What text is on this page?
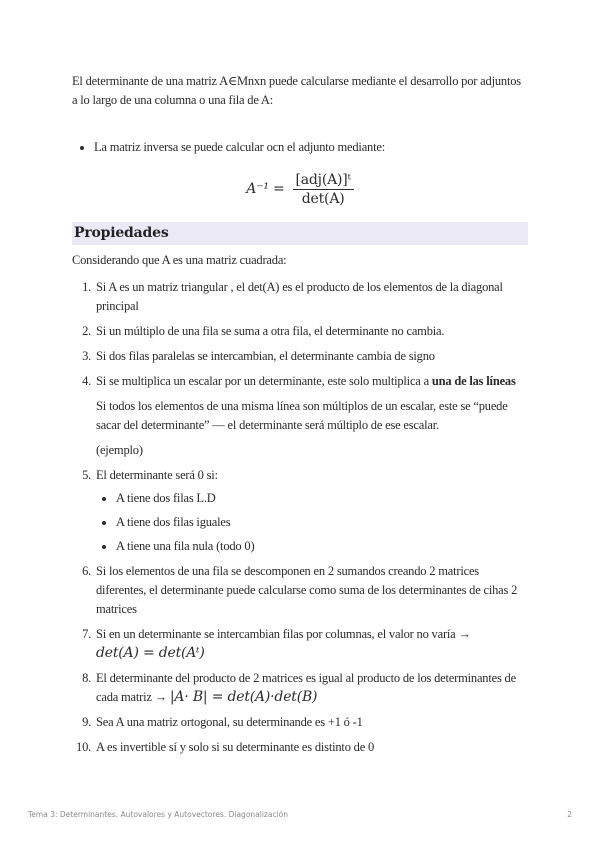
El determinante de una matriz A∈Mnxn puede calcularse mediante el desarrollo por adjuntos a lo largo de una columna o una fila de A:

• La matriz inversa se puede calcular ocn el adjunto mediante:
$A^{-1} = \frac{\text{[adj(A)]ᵗ}}{\det(A)}$
Propiedades

Considerando que A es una matriz cuadrada:

1. Si A es un matriz triangular , el det(A) es el producto de los elementos de la diagonal principal
2. Si un múltiplo de una fila se suma a otra fila, el determinante no cambia.
3. Si dos filas paralelas se intercambian, el determinante cambia de signo
4. Si se multiplica un escalar por un determinante, este solo multiplica a una de las líneas

Si todos los elementos de una misma línea son múltiplos de un escalar, este se “puede sacar del determinante” — el determinante será múltiplo de ese escalar.

(ejemplo)

5. El determinante será 0 si:
• A tiene dos filas L.D
• A tiene dos filas iguales
• A tiene una fila nula (todo 0)
6. Si los elementos de una fila se descomponen en 2 sumandos creando 2 matrices diferentes, el determinante puede calcularse como suma de los determinantes de cihas 2 matrices
7. Si en un determinante se intercambian filas por columnas, el valor no varía →
det(A) = det(Aᵗ)
8. El determinante del producto de 2 matrices es igual al producto de los determinantes de cada matriz → |A· B| = det(A)·det(B)
9. Sea A una matriz ortogonal, su determinande es +1 ó -1
10. A es invertible sí y solo si su determinante es distinto de 0
Tema 3: Determinantes. Autovalores y Autovectores. Diagonalización	2
